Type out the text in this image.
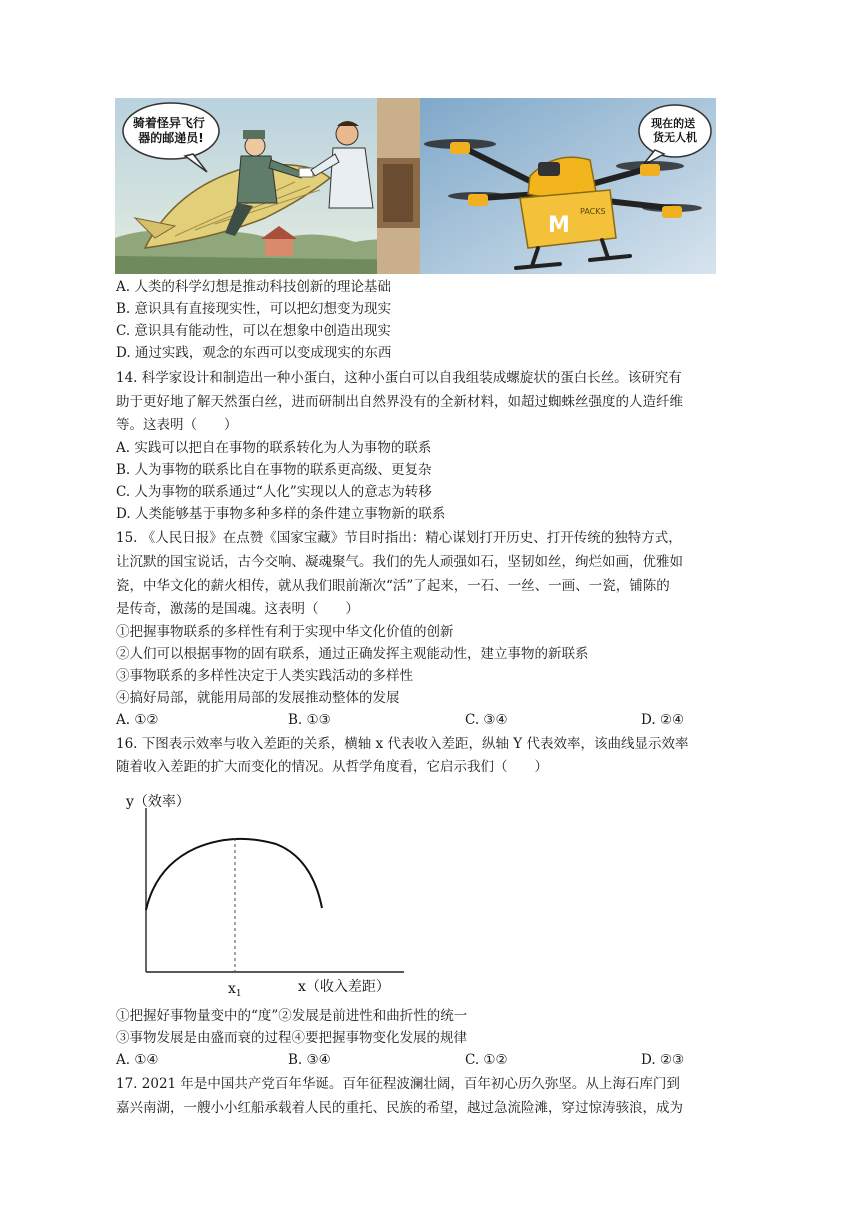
骑着怪异飞行 器的邮递员!
现在的送 货无人机
M
PACKS
A. 人类的科学幻想是推动科技创新的理论基础
B. 意识具有直接现实性，可以把幻想变为现实
C. 意识具有能动性，可以在想象中创造出现实
D. 通过实践，观念的东西可以变成现实的东西
14. 科学家设计和制造出一种小蛋白，这种小蛋白可以自我组装成螺旋状的蛋白长丝。该研究有
助于更好地了解天然蛋白丝，进而研制出自然界没有的全新材料，如超过蜘蛛丝强度的人造纤维
等。这表明（　　）
A. 实践可以把自在事物的联系转化为人为事物的联系
B. 人为事物的联系比自在事物的联系更高级、更复杂
C. 人为事物的联系通过“人化”实现以人的意志为转移
D. 人类能够基于事物多种多样的条件建立事物新的联系
15. 《人民日报》在点赞《国家宝藏》节目时指出：精心谋划打开历史、打开传统的独特方式，
让沉默的国宝说话，古今交响、凝魂聚气。我们的先人顽强如石，坚韧如丝，绚烂如画，优雅如
瓷，中华文化的薪火相传，就从我们眼前渐次“活”了起来，一石、一丝、一画、一瓷，铺陈的
是传奇，激荡的是国魂。这表明（　　）
①把握事物联系的多样性有利于实现中华文化价值的创新
②人们可以根据事物的固有联系，通过正确发挥主观能动性，建立事物的新联系
③事物联系的多样性决定于人类实践活动的多样性
④搞好局部，就能用局部的发展推动整体的发展
A. ①②	B. ①③	C. ③④	D. ②④
16. 下图表示效率与收入差距的关系，横轴 x 代表收入差距，纵轴 Y 代表效率，该曲线显示效率
随着收入差距的扩大而变化的情况。从哲学角度看，它启示我们（　　）
y（效率）
x（收入差距）
$x_1$
①把握好事物量变中的“度”②发展是前进性和曲折性的统一
③事物发展是由盛而衰的过程④要把握事物变化发展的规律
A. ①④	B. ③④	C. ①②	D. ②③
17. 2021 年是中国共产党百年华诞。百年征程波澜壮阔，百年初心历久弥坚。从上海石库门到
嘉兴南湖，一艘小小红船承载着人民的重托、民族的希望，越过急流险滩，穿过惊涛骇浪，成为
